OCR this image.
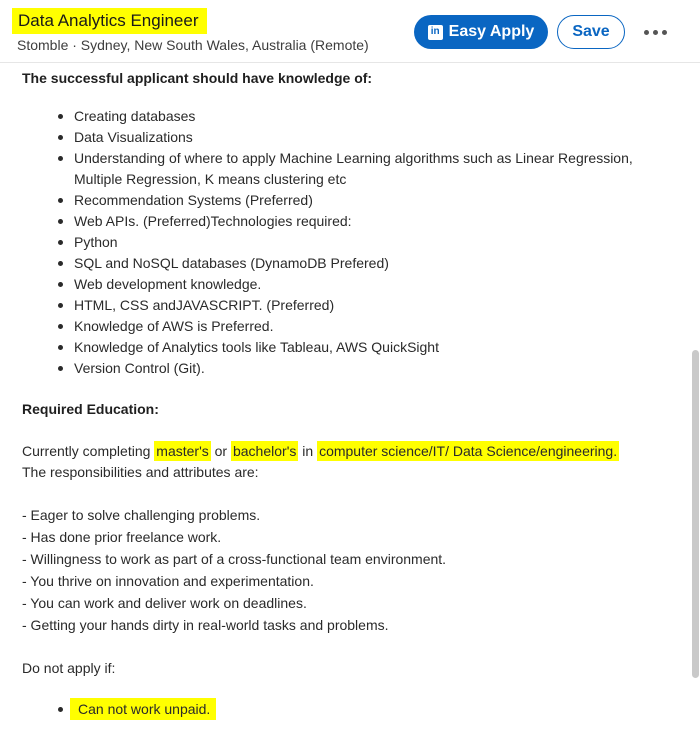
Data Analytics Engineer
Stomble · Sydney, New South Wales, Australia (Remote)
in Easy Apply	Save
The successful applicant should have knowledge of:
Creating databases
Data Visualizations
Understanding of where to apply Machine Learning algorithms such as Linear Regression, Multiple Regression, K means clustering etc
Recommendation Systems (Preferred)
Web APIs. (Preferred)Technologies required:
Python
SQL and NoSQL databases (DynamoDB Prefered)
Web development knowledge.
HTML, CSS andJAVASCRIPT. (Preferred)
Knowledge of AWS is Preferred.
Knowledge of Analytics tools like Tableau, AWS QuickSight
Version Control (Git).
Required Education:
Currently completing master's or bachelor's in computer science/IT/ Data Science/engineering.
The responsibilities and attributes are:
- Eager to solve challenging problems.
- Has done prior freelance work.
- Willingness to work as part of a cross-functional team environment.
- You thrive on innovation and experimentation.
- You can work and deliver work on deadlines.
- Getting your hands dirty in real-world tasks and problems.
Do not apply if:
Can not work unpaid.
